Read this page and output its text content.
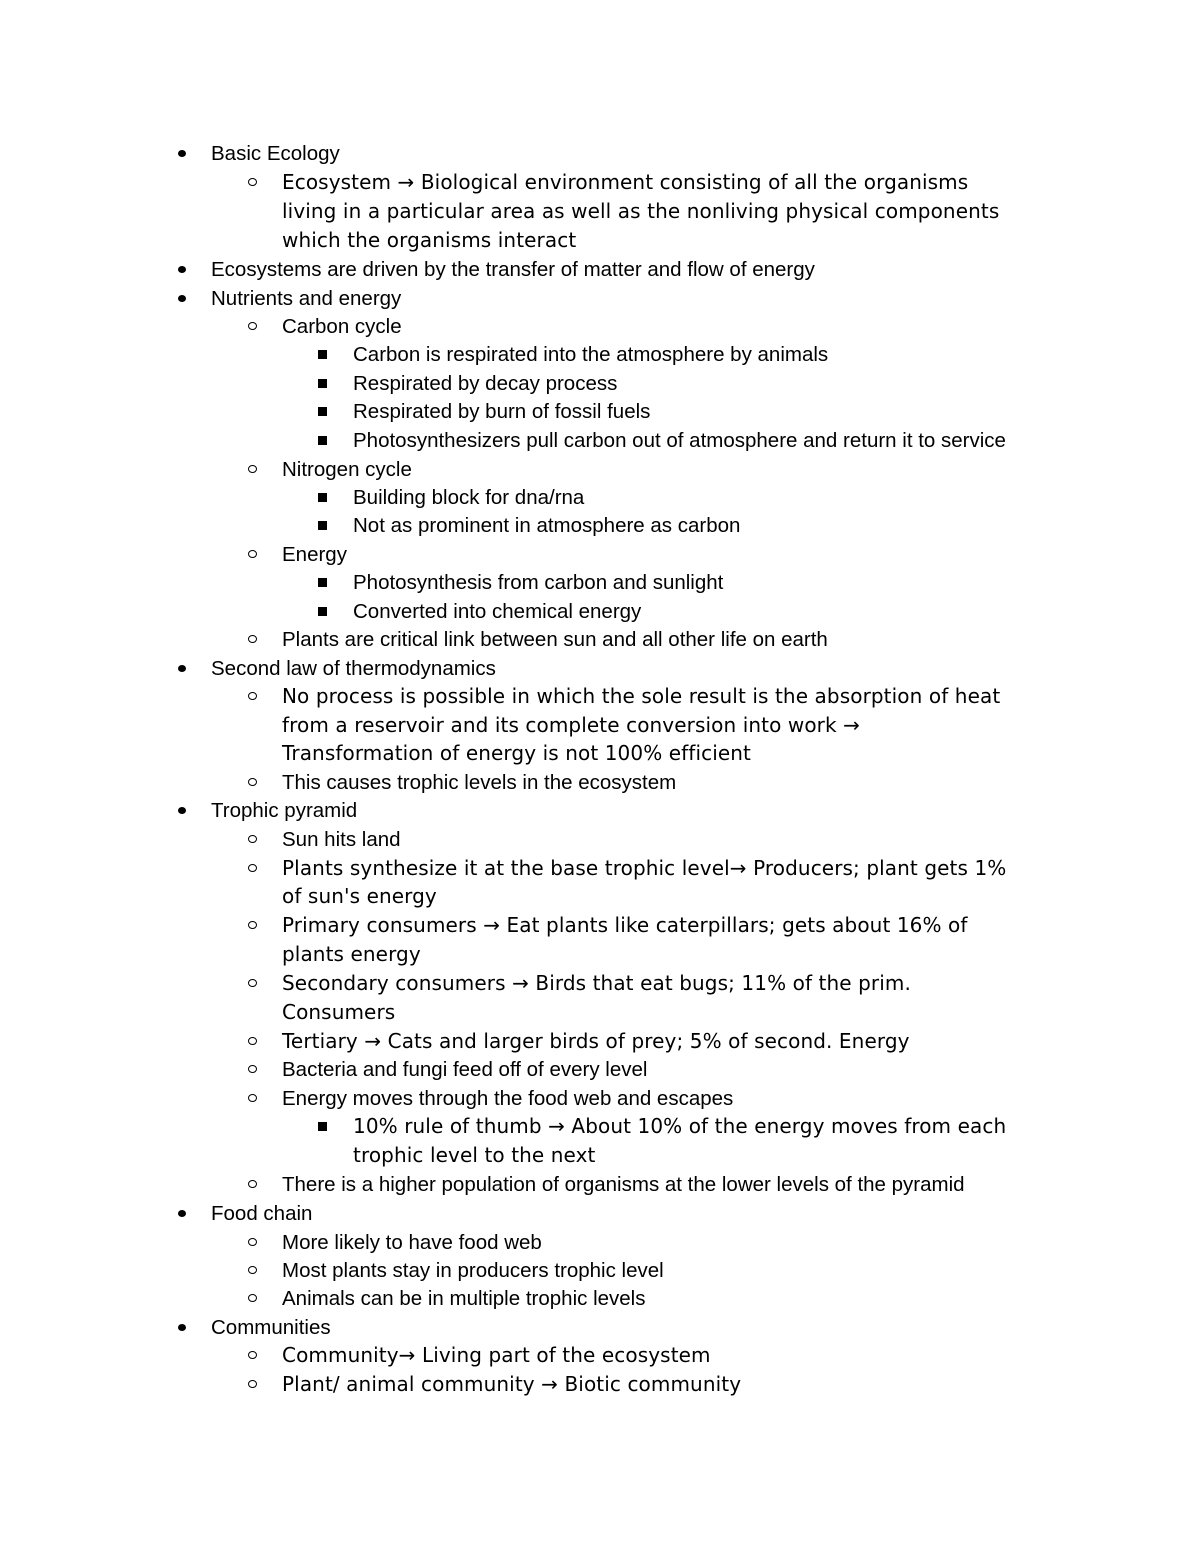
Basic Ecology
Ecosystem → Biological environment consisting of all the organisms
living in a particular area as well as the nonliving physical components
which the organisms interact
Ecosystems are driven by the transfer of matter and flow of energy
Nutrients and energy
Carbon cycle
Carbon is respirated into the atmosphere by animals
Respirated by decay process
Respirated by burn of fossil fuels
Photosynthesizers pull carbon out of atmosphere and return it to service
Nitrogen cycle
Building block for dna/rna
Not as prominent in atmosphere as carbon
Energy
Photosynthesis from carbon and sunlight
Converted into chemical energy
Plants are critical link between sun and all other life on earth
Second law of thermodynamics
No process is possible in which the sole result is the absorption of heat
from a reservoir and its complete conversion into work →
Transformation of energy is not 100% efficient
This causes trophic levels in the ecosystem
Trophic pyramid
Sun hits land
Plants synthesize it at the base trophic level→ Producers; plant gets 1%
of sun's energy
Primary consumers → Eat plants like caterpillars; gets about 16% of
plants energy
Secondary consumers → Birds that eat bugs; 11% of the prim.
Consumers
Tertiary → Cats and larger birds of prey; 5% of second. Energy
Bacteria and fungi feed off of every level
Energy moves through the food web and escapes
10% rule of thumb → About 10% of the energy moves from each
trophic level to the next
There is a higher population of organisms at the lower levels of the pyramid
Food chain
More likely to have food web
Most plants stay in producers trophic level
Animals can be in multiple trophic levels
Communities
Community→ Living part of the ecosystem
Plant/ animal community → Biotic community
